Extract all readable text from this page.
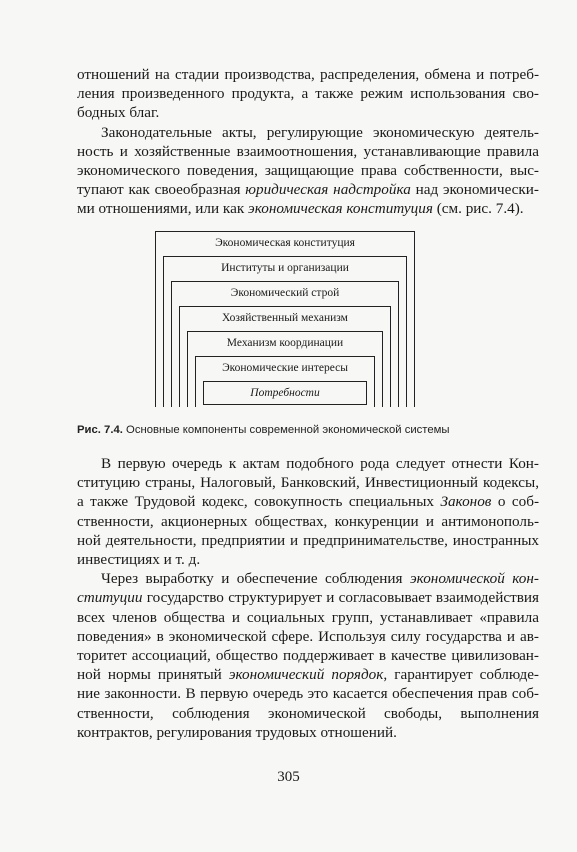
отношений на стадии производства, распределения, обмена и потреб-ления произведенного продукта, а также режим использования сво-бодных благ.

Законодательные акты, регулирующие экономическую деятель-ность и хозяйственные взаимоотношения, устанавливающие правила экономического поведения, защищающие права собственности, выс-тупают как своеобразная юридическая надстройка над экономически-ми отношениями, или как экономическая конституция (см. рис. 7.4).

Экономическая конституция
Институты и организации
Экономический строй
Хозяйственный механизм
Механизм координации
Экономические интересы
Потребности
Рис. 7.4. Основные компоненты современной экономической системы

В первую очередь к актам подобного рода следует отнести Кон-ституцию страны, Налоговый, Банковский, Инвестиционный кодексы, а также Трудовой кодекс, совокупность специальных Законов о соб-ственности, акционерных обществах, конкуренции и антимонополь-ной деятельности, предприятии и предпринимательстве, иностранных инвестициях и т. д.

Через выработку и обеспечение соблюдения экономической кон-ституции государство структурирует и согласовывает взаимодействия всех членов общества и социальных групп, устанавливает «правила поведения» в экономической сфере. Используя силу государства и ав-торитет ассоциаций, общество поддерживает в качестве цивилизован-ной нормы принятый экономический порядок, гарантирует соблюде-ние законности. В первую очередь это касается обеспечения прав соб-ственности, соблюдения экономической свободы, выполнения контрактов, регулирования трудовых отношений.

305
